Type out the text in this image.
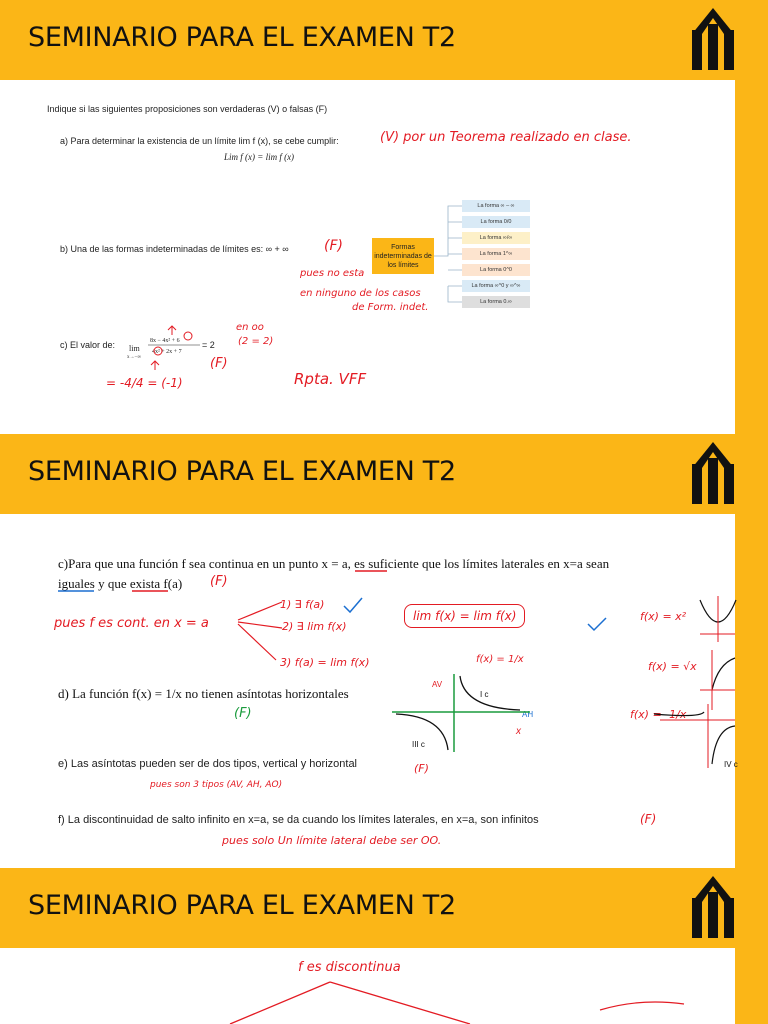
SEMINARIO PARA EL EXAMEN T2
Indique si las siguientes proposiciones son verdaderas (V) o falsas (F)
a) Para determinar la existencia de un límite lim f (x), se cebe cumplir:
Lim f (x) = lim f (x)
(V) por un Teorema realizado en clase.
Formas indeterminadas de los límites
La forma ∞ – ∞
La forma 0/0
La forma ∞/∞
La forma 1^∞
La forma 0^0
La forma ∞^0 y ∞^∞
La forma 0.∞
b) Una de las formas indeterminadas de límites es: ∞ + ∞	(F)
pues no esta
en ninguno de los casos
de Form. indet.
c) El valor de: lim
x→−∞
8x − 4x² + 6
4x² + 2x + 7
= 2
en oo
(2 = 2)
(F)
= -4/4 = (-1)	Rpta. VFF
SEMINARIO PARA EL EXAMEN T2
c)Para que una función f sea continua en un punto x = a, es suficiente que los límites laterales en x=a sean
iguales y que exista f(a) (F)
pues f es cont. en x = a
1) ∃ f(a)
2) ∃ lim f(x)
3) f(a) = lim f(x)
lim f(x) = lim f(x)	f(x) = x²
f(x) = √x
f(x) = -1/x
d) La función f(x) = 1/x no tienen asíntotas horizontales
(F)
f(x) = 1/x
AV
AH
x
I c
III c
IV c
e) Las asíntotas pueden ser de dos tipos, vertical y horizontal	(F)
pues son 3 tipos (AV, AH, AO)
f) La discontinuidad de salto infinito en x=a, se da cuando los límites laterales, en x=a, son infinitos	(F)
pues solo Un límite lateral debe ser OO.
SEMINARIO PARA EL EXAMEN T2
f es discontinua
